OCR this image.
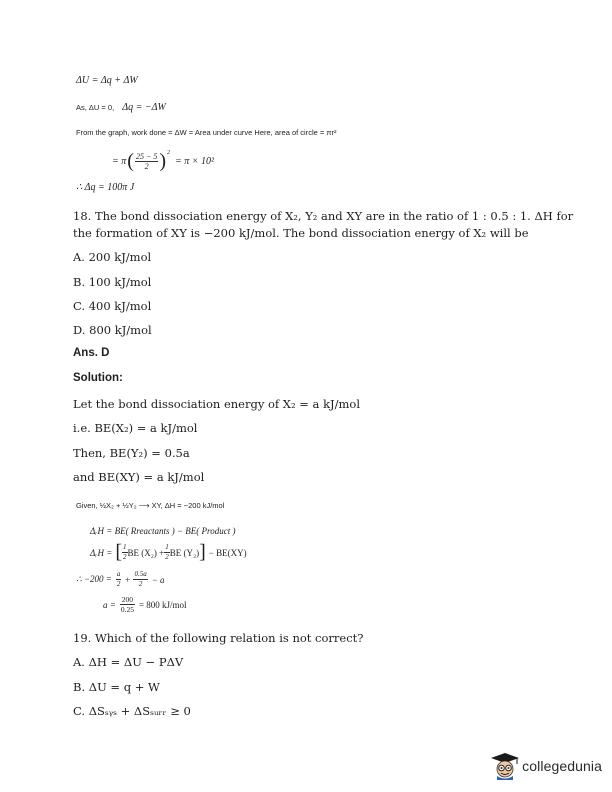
ΔU = Δq + ΔW
As, ΔU = 0, Δq = −ΔW
From the graph, work done = ΔW = Area under curve Here, area of circle = πr²
= π ( $\frac{25 - 5}{2}$ ) 2
= π × 10²
∴ Δq = 100π J
18. The bond dissociation energy of X₂, Y₂ and XY are in the ratio of 1 : 0.5 : 1. ΔH for
the formation of XY is −200 kJ/mol. The bond dissociation energy of X₂ will be
A. 200 kJ/mol
B. 100 kJ/mol
C. 400 kJ/mol
D. 800 kJ/mol
Ans. D
Solution:
Let the bond dissociation energy of X₂ = a kJ/mol
i.e. BE(X₂) = a kJ/mol
Then, BE(Y₂) = 0.5a
and BE(XY) = a kJ/mol
Given, ½X₂ + ½Y₂ ⟶ XY, ΔH = −200 kJ/mol
ΔᵣH = BE( Rreactants ) − BE( Product )
ΔᵣH = [ $\frac{1}{2}$ BE $(X_2) + \frac{1}{2}$ BE (Y₂) ] − BE(XY)
∴ $-200 = \frac{a}{2} + \frac{0.5a}{2} - a$
$a = \frac{200}{0.25} = 800$ kJ/mol
19. Which of the following relation is not correct?
A. ΔH = ΔU − PΔV
B. ΔU = q + W
C. ΔSₛᵧₛ + ΔSₛᵤᵣᵣ ≥ 0
collegedunia
